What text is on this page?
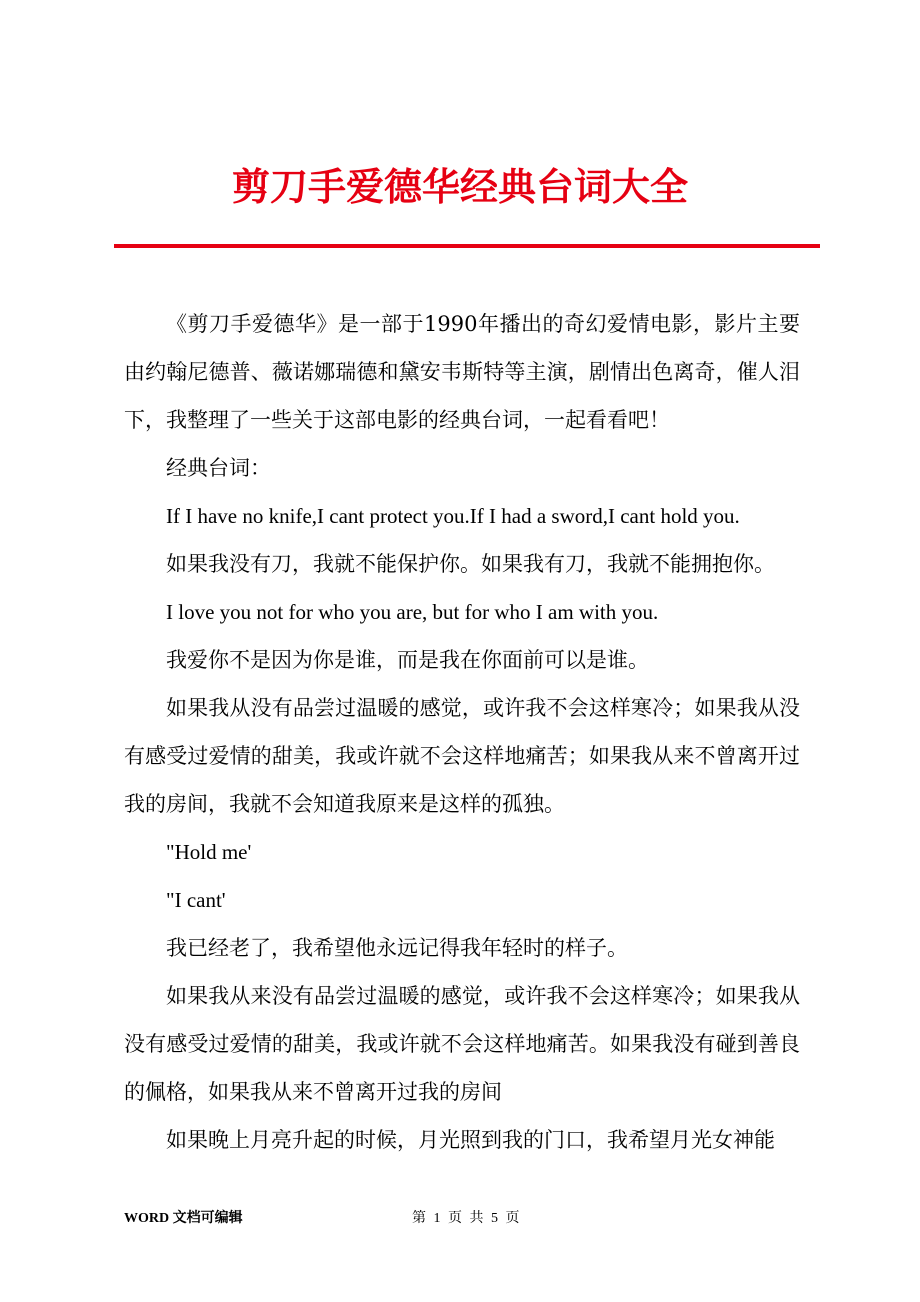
剪刀手爱德华经典台词大全

《剪刀手爱德华》是一部于1990年播出的奇幻爱情电影，影片主要由约翰尼德普、薇诺娜瑞德和黛安韦斯特等主演，剧情出色离奇，催人泪下，我整理了一些关于这部电影的经典台词，一起看看吧！

经典台词：

If I have no knife,I cant protect you.If I had a sword,I cant hold you.

如果我没有刀，我就不能保护你。如果我有刀，我就不能拥抱你。

I love you not for who you are, but for who I am with you.

我爱你不是因为你是谁，而是我在你面前可以是谁。

如果我从没有品尝过温暖的感觉，或许我不会这样寒冷；如果我从没有感受过爱情的甜美，我或许就不会这样地痛苦；如果我从来不曾离开过我的房间，我就不会知道我原来是这样的孤独。

"Hold me'

"I cant'

我已经老了，我希望他永远记得我年轻时的样子。

如果我从来没有品尝过温暖的感觉，或许我不会这样寒冷；如果我从没有感受过爱情的甜美，我或许就不会这样地痛苦。如果我没有碰到善良的佩格，如果我从来不曾离开过我的房间

如果晚上月亮升起的时候，月光照到我的门口，我希望月光女神能

WORD 文档可编辑	第 1 页 共 5 页
